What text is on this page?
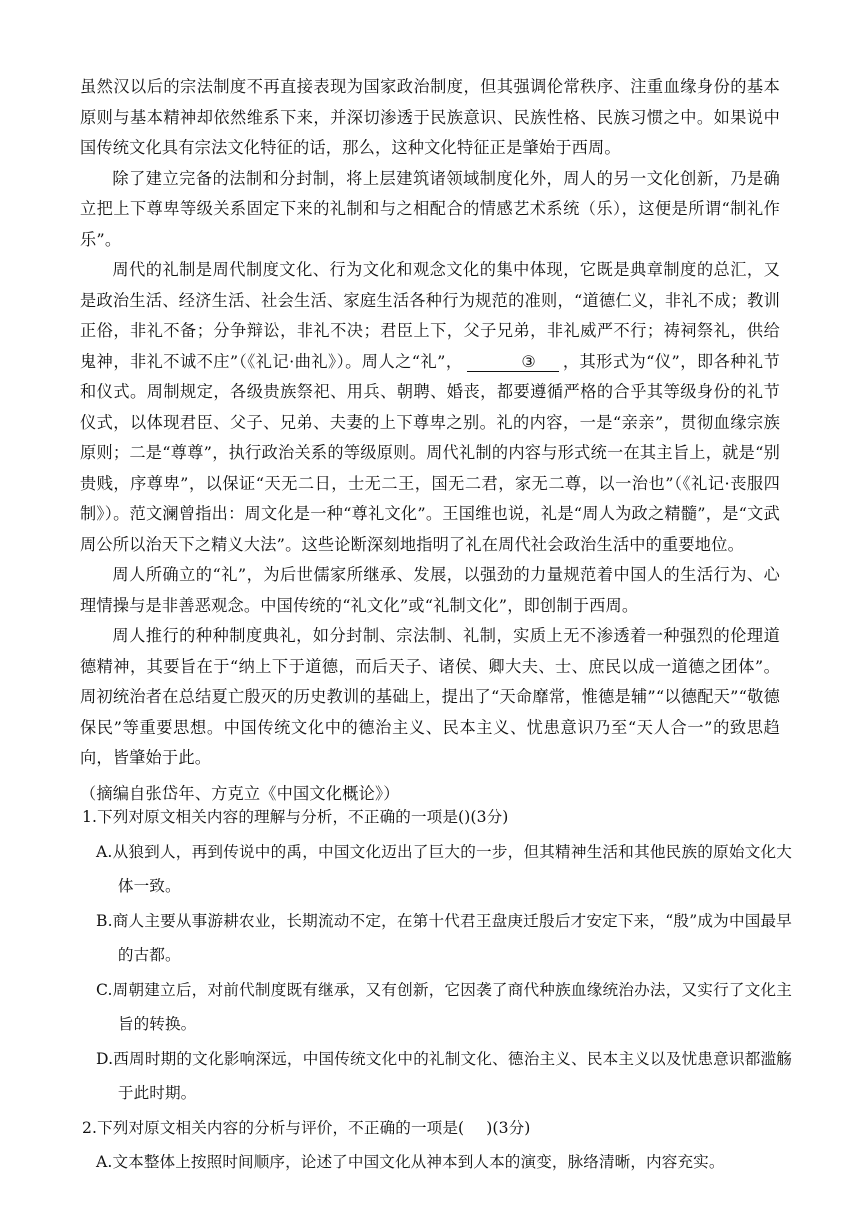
虽然汉以后的宗法制度不再直接表现为国家政治制度，但其强调伦常秩序、注重血缘身份的基本原则与基本精神却依然维系下来，并深切渗透于民族意识、民族性格、民族习惯之中。如果说中国传统文化具有宗法文化特征的话，那么，这种文化特征正是肇始于西周。

除了建立完备的法制和分封制，将上层建筑诸领域制度化外，周人的另一文化创新，乃是确立把上下尊卑等级关系固定下来的礼制和与之相配合的情感艺术系统（乐），这便是所谓“制礼作乐”。

周代的礼制是周代制度文化、行为文化和观念文化的集中体现，它既是典章制度的总汇，又是政治生活、经济生活、社会生活、家庭生活各种行为规范的准则，“道德仁义，非礼不成；教训正俗，非礼不备；分争辩讼，非礼不决；君臣上下，父子兄弟，非礼威严不行；祷祠祭礼，供给鬼神，非礼不诚不庄”（《礼记·曲礼》）。周人之“礼”，	③ ，其形式为“仪”，即各种礼节和仪式。周制规定，各级贵族祭祀、用兵、朝聘、婚丧，都要遵循严格的合乎其等级身份的礼节仪式，以体现君臣、父子、兄弟、夫妻的上下尊卑之别。礼的内容，一是“亲亲”，贯彻血缘宗族原则；二是“尊尊”，执行政治关系的等级原则。周代礼制的内容与形式统一在其主旨上，就是“别贵贱，序尊卑”，以保证“天无二日，士无二王，国无二君，家无二尊，以一治也”（《礼记·丧服四制》）。范文澜曾指出：周文化是一种“尊礼文化”。王国维也说，礼是“周人为政之精髓”，是“文武周公所以治天下之精义大法”。这些论断深刻地指明了礼在周代社会政治生活中的重要地位。

周人所确立的“礼”，为后世儒家所继承、发展，以强劲的力量规范着中国人的生活行为、心理情操与是非善恶观念。中国传统的“礼文化”或“礼制文化”，即创制于西周。

周人推行的种种制度典礼，如分封制、宗法制、礼制，实质上无不渗透着一种强烈的伦理道德精神，其要旨在于“纳上下于道德，而后天子、诸侯、卿大夫、士、庶民以成一道德之团体”。周初统治者在总结夏亡殷灭的历史教训的基础上，提出了“天命靡常，惟德是辅”“以德配天”“敬德保民”等重要思想。中国传统文化中的德治主义、民本主义、忧患意识乃至“天人合一”的致思趋向，皆肇始于此。

（摘编自张岱年、方克立《中国文化概论》）

1.下列对原文相关内容的理解与分析，不正确的一项是()(3分)

A.从狼到人，再到传说中的禹，中国文化迈出了巨大的一步，但其精神生活和其他民族的原始文化大体一致。

B.商人主要从事游耕农业，长期流动不定，在第十代君王盘庚迁殷后才安定下来，“殷”成为中国最早的古都。

C.周朝建立后，对前代制度既有继承，又有创新，它因袭了商代种族血缘统治办法，又实行了文化主旨的转换。

D.西周时期的文化影响深远，中国传统文化中的礼制文化、德治主义、民本主义以及忧患意识都滥觞于此时期。

2.下列对原文相关内容的分析与评价，不正确的一项是( )(3分)

A.文本整体上按照时间顺序，论述了中国文化从神本到人本的演变，脉络清晰，内容充实。
